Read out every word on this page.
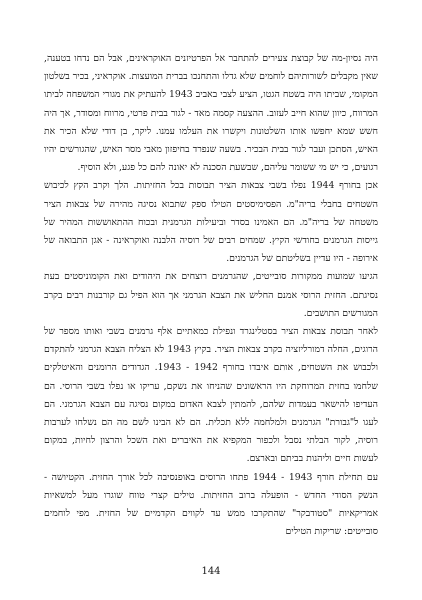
היה נסיון-מה של קבוצת צעירים להתחבר אל הפרטיזנים האוקראינים, אבל הם נדחו בטענה, שאין מקבלים לשורותיהם לוחמים שלא גדלו והתחנכו בברית המועצות. אוקראיני, בכיר בשלטון המקומי, שביתו היה בשטח הגטו, הציע לצבי באביב 1943 להעתיק את מגורי המשפחה לביתו המרווח, כיוון שהוא חייב לעזוב. ההצעה קסמה מאד - לגור בבית פרטי, מרווח ומסודר, אך היה חשש שמא יחפשו אותו השלטונות ויקשרו את העלמו עמנו. ליקר, בן דודי שלא הכיר את האיש, הסתכן ועבר לגור בבית הבכיר. בשעה שנפרד בחיפזון מאבי מסר האיש, שהגורשים יהיו רגועים, כי יש מי ששומר עליהם, שבשעת הסכנה לא יאונה להם כל פגע, ולא הוסיף.

אכן בחורף 1944 נפלו בשבי צבאות הציר תבוסות בכל החזיתות. הלך וקרב הקץ לכיבוש השטחים בחבלי בריה"מ. הפסימיסטים הטילו ספק שתבוא נסיגה מהירה של צבאות הציר משטחה של בריה"מ. הם האמינו בסדר וביעילות הגרמנית ובכוח ההתאוששות המהיר של גייסות הגרמנים בחודשי הקיץ. שמחים רבים של רוסיה הלבנה ואוקראינה - אגן התבואה של אירופה - היו עדיין בשליטתם של הגרמנים.

הגיעו שמועות ממקורות סובייטים, שהגרמנים רוצחים את היהודים ואת הקומוניסטים בעת נסיגתם. החזית הרוסי אמנם החליש את הצבא הגרמני אך הוא הפיל גם קורבנות רבים בקרב המגורשים התושבים.

לאחר תבוסת צבאות הציר בסטלינגרד ונפילת כמאתיים אלף גרמנים בשבי ואותו מספר של הרוגים, החלה דמורליזציה בקרב צבאות הציר. בקיץ 1943 לא הצליח הצבא הגרמני להתקדם ולכבוש את השטחים, אותם איבדו בחורף 1942 - 1943. הגדודים הרומנים והאיטלקים שלחמו בחזית המרוחקת היו הראשונים שהניחו את נשקם, עריקו או נפלו בשבי הרוסי. הם העדיפו להישאר בעמדות שלהם, להמתין לצבא האדום במקום נסיגה עם הצבא הגרמני. הם לעגו ל"גבורת" הגרמנים ולמלחמה ללא תכלית. הם לא הבינו לשם מה הם נשלחו לערבות רוסיה, לקור הבלתי נסבל ולכפור המקפיא את האיברים ואת השכל והרצון לחיות, במקום לעשות חיים וליהנות בביתם ובארצם.

עם תחילת חורף 1943 - 1944 פתחו הרוסים באופנסיבה לכל אורך החזית. הקטיושה - הנשק הסודי החדש - הופעלה ברוב החזיתות. טילים קצרי טווח שוגרו מעל למשאיות אמריקאיות "סטודבקר" שהתקרבו ממש עד לקווים הקדמיים של החזית. מפי לוחמים סובייטים: שריקות הטילים

144
